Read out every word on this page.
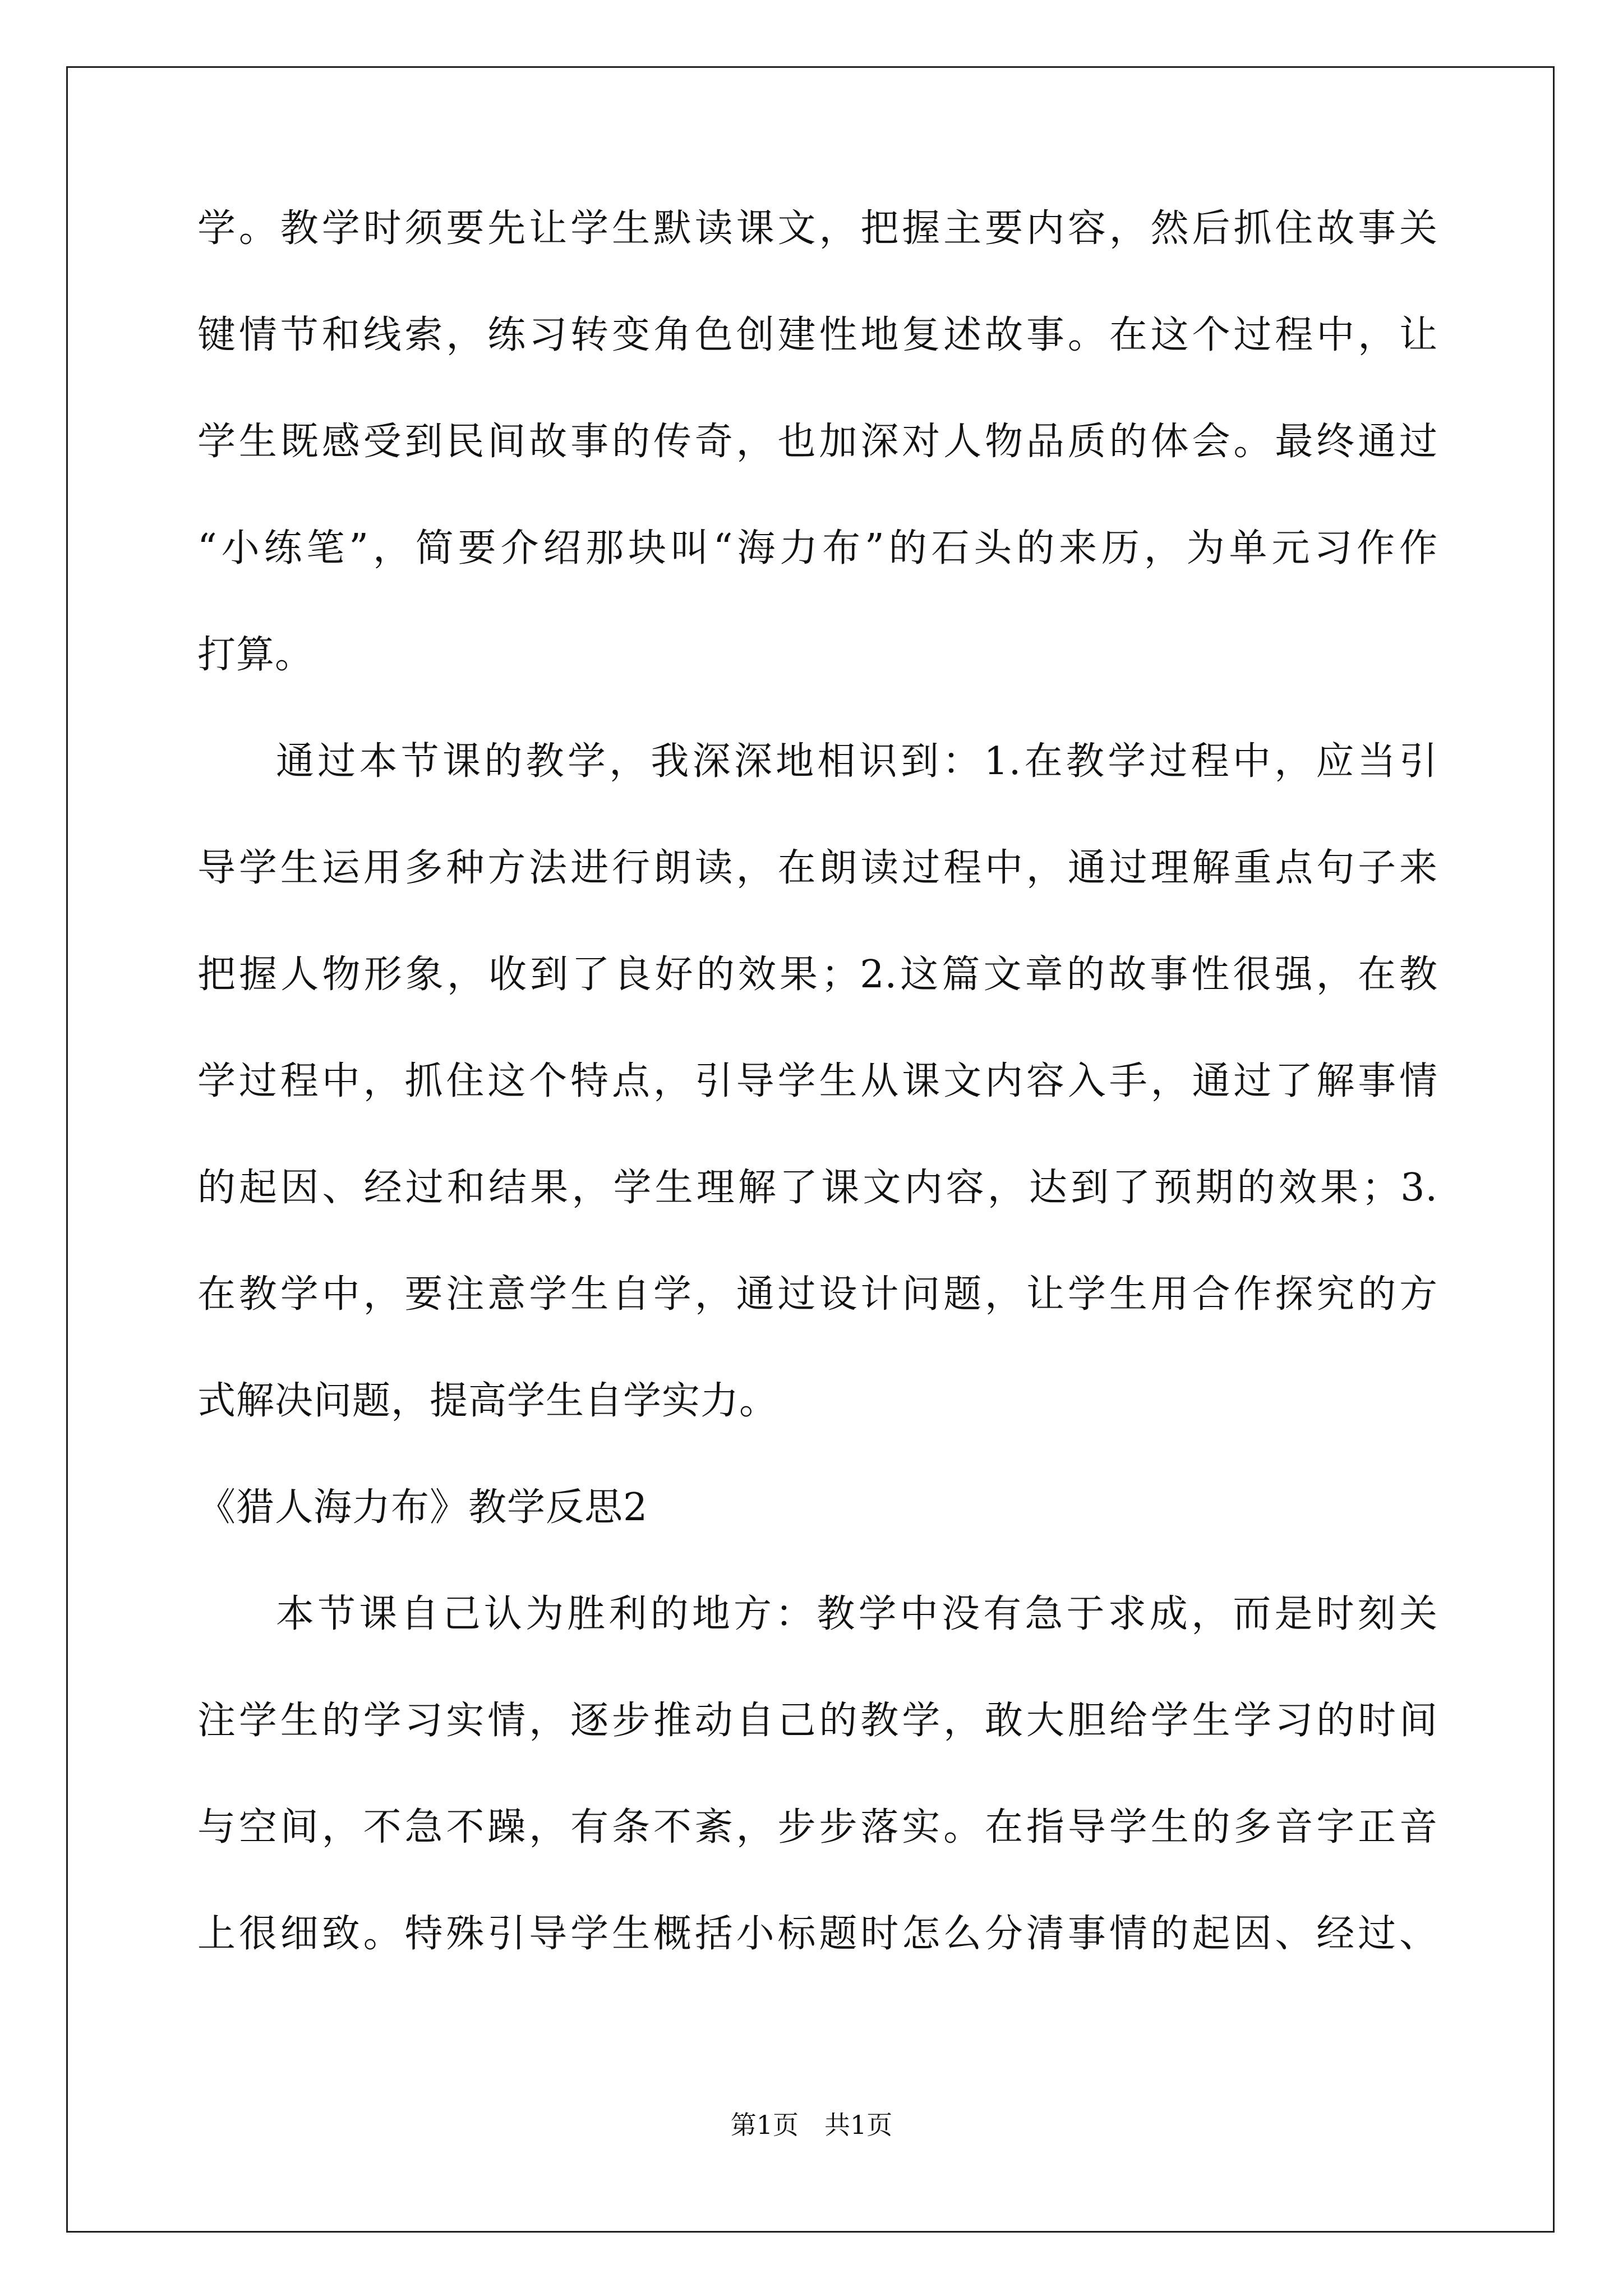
学。教学时须要先让学生默读课文，把握主要内容，然后抓住故事关
键情节和线索，练习转变角色创建性地复述故事。在这个过程中，让
学生既感受到民间故事的传奇，也加深对人物品质的体会。最终通过
“小练笔”，简要介绍那块叫“海力布”的石头的来历，为单元习作作
打算。
通过本节课的教学，我深深地相识到：1.在教学过程中，应当引
导学生运用多种方法进行朗读，在朗读过程中，通过理解重点句子来
把握人物形象，收到了良好的效果；2.这篇文章的故事性很强，在教
学过程中，抓住这个特点，引导学生从课文内容入手，通过了解事情
的起因、经过和结果，学生理解了课文内容，达到了预期的效果；3.
在教学中，要注意学生自学，通过设计问题，让学生用合作探究的方
式解决问题，提高学生自学实力。
《猎人海力布》教学反思2
本节课自己认为胜利的地方：教学中没有急于求成，而是时刻关
注学生的学习实情，逐步推动自己的教学，敢大胆给学生学习的时间
与空间，不急不躁，有条不紊，步步落实。在指导学生的多音字正音
上很细致。特殊引导学生概括小标题时怎么分清事情的起因、经过、
第1页　共1页
